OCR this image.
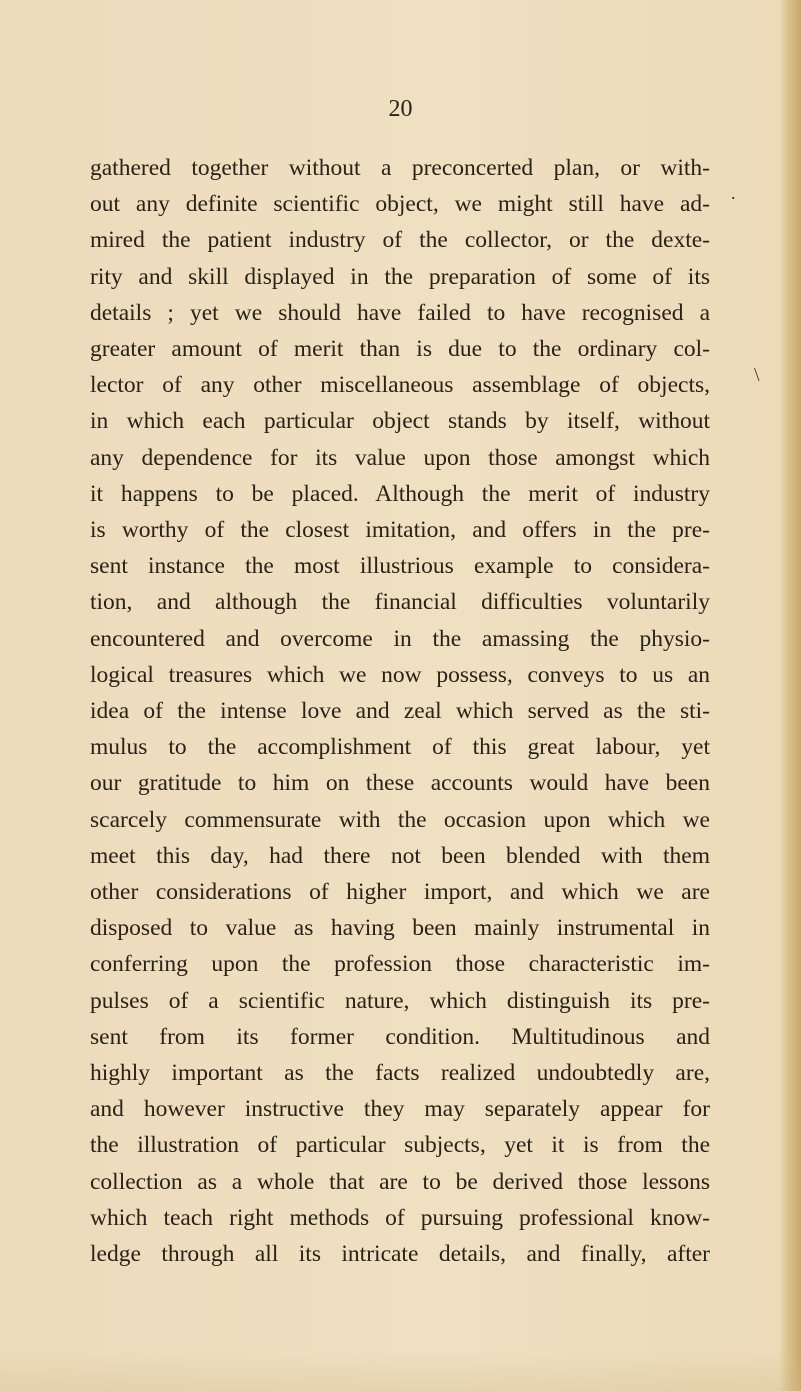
20
.
\
gathered together without a preconcerted plan, or with-
out any definite scientific object, we might still have ad-
mired the patient industry of the collector, or the dexte-
rity and skill displayed in the preparation of some of its
details ; yet we should have failed to have recognised a
greater amount of merit than is due to the ordinary col-
lector of any other miscellaneous assemblage of objects,
in which each particular object stands by itself, without
any dependence for its value upon those amongst which
it happens to be placed. Although the merit of industry
is worthy of the closest imitation, and offers in the pre-
sent instance the most illustrious example to considera-
tion, and although the financial difficulties voluntarily
encountered and overcome in the amassing the physio-
logical treasures which we now possess, conveys to us an
idea of the intense love and zeal which served as the sti-
mulus to the accomplishment of this great labour, yet
our gratitude to him on these accounts would have been
scarcely commensurate with the occasion upon which we
meet this day, had there not been blended with them
other considerations of higher import, and which we are
disposed to value as having been mainly instrumental in
conferring upon the profession those characteristic im-
pulses of a scientific nature, which distinguish its pre-
sent from its former condition. Multitudinous and
highly important as the facts realized undoubtedly are,
and however instructive they may separately appear for
the illustration of particular subjects, yet it is from the
collection as a whole that are to be derived those lessons
which teach right methods of pursuing professional know-
ledge through all its intricate details, and finally, after
